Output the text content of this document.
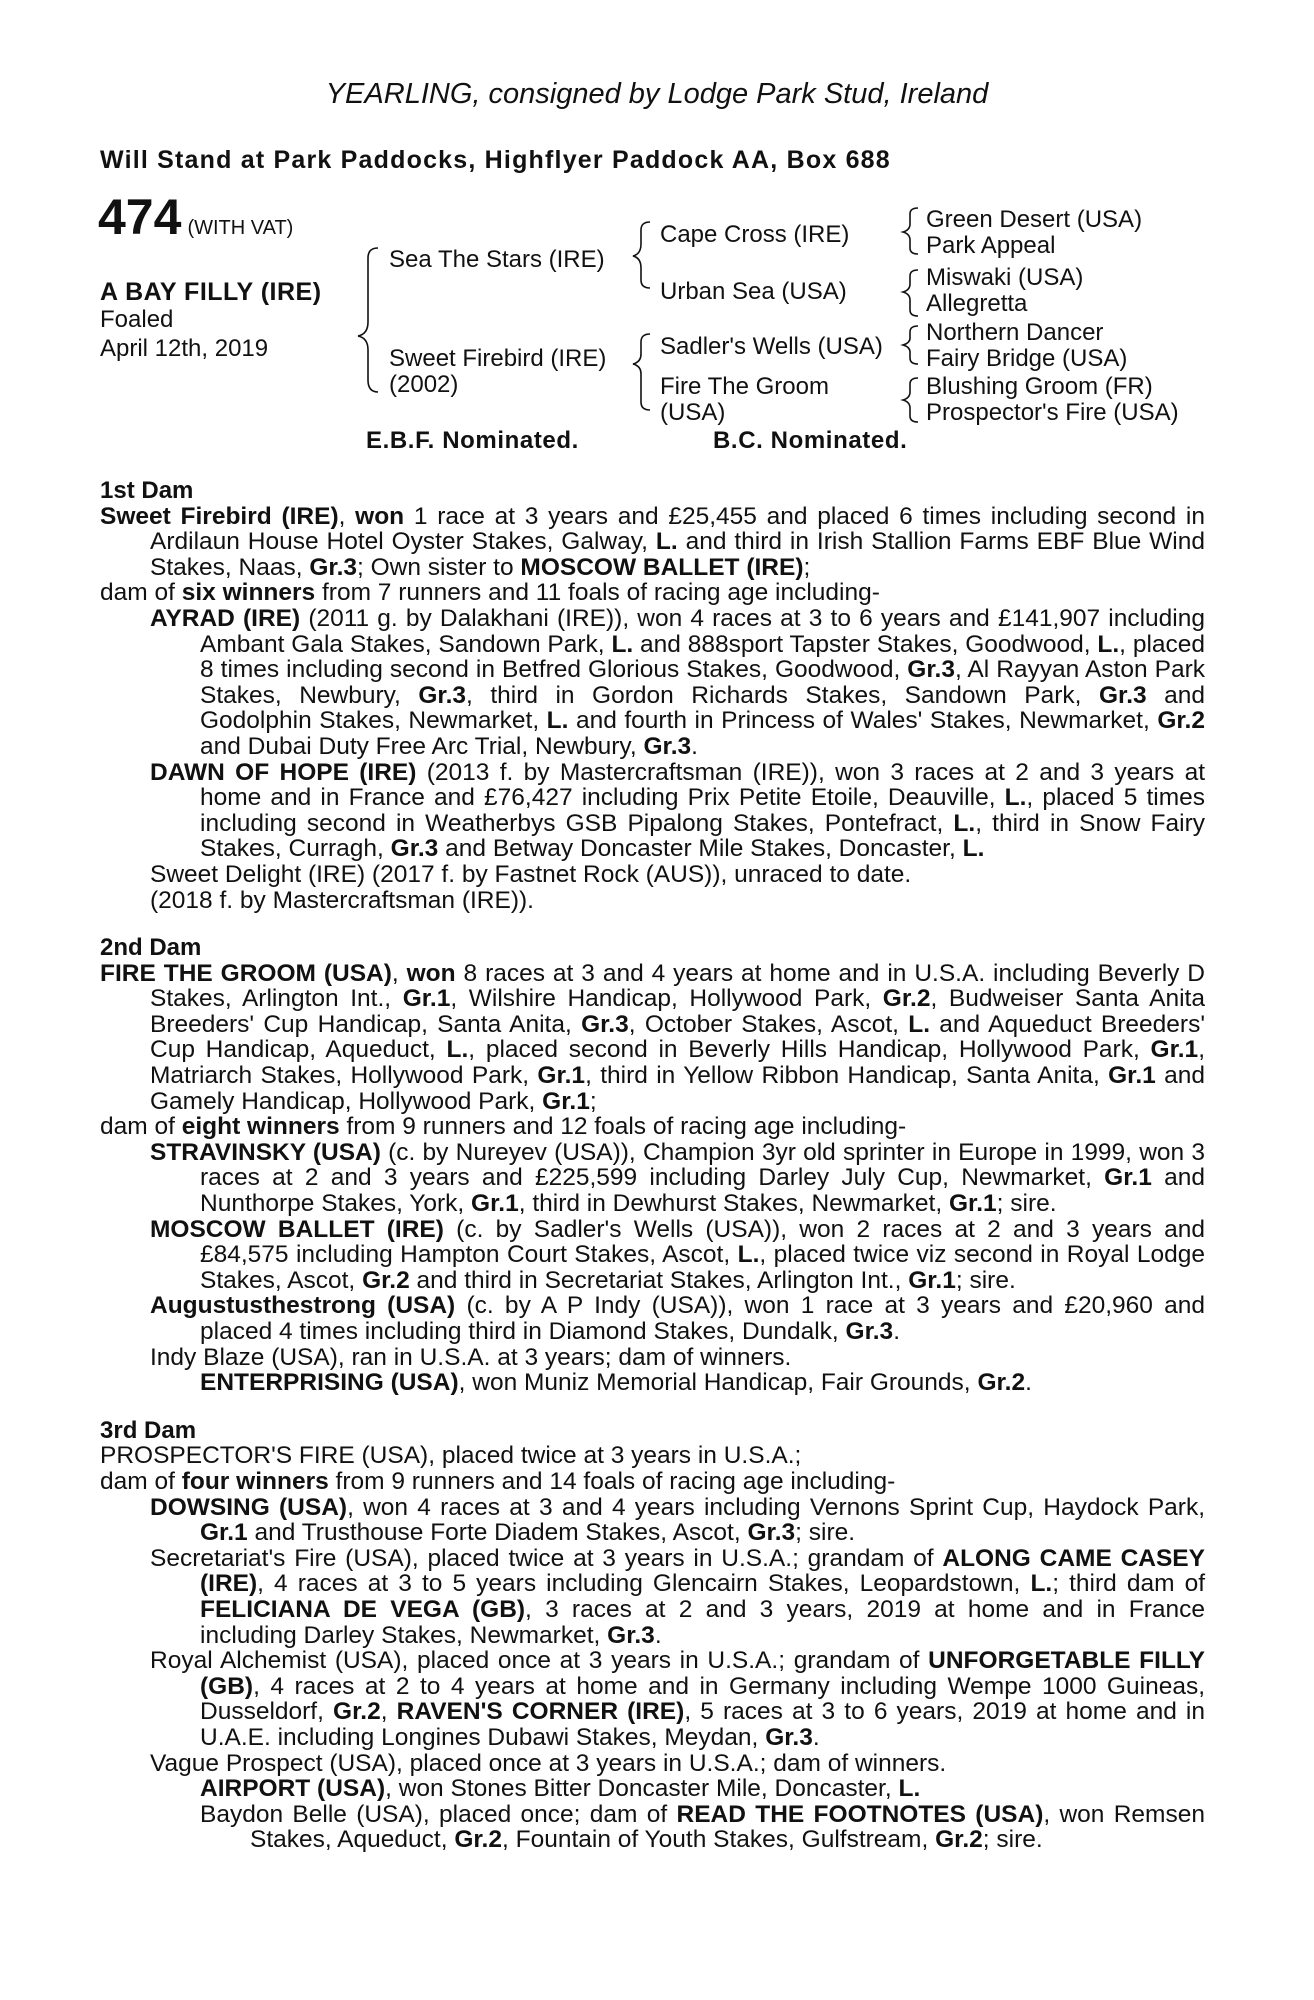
YEARLING, consigned by Lodge Park Stud, Ireland
Will Stand at Park Paddocks, Highflyer Paddock AA, Box 688
474 (WITH VAT)
A BAY FILLY (IRE)
Foaled
April 12th, 2019
Sea The Stars (IRE)
Sweet Firebird (IRE)
(2002)
Cape Cross (IRE)
Urban Sea (USA)
Sadler's Wells (USA)
Fire The Groom
(USA)
Green Desert (USA)
Park Appeal
Miswaki (USA)
Allegretta
Northern Dancer
Fairy Bridge (USA)
Blushing Groom (FR)
Prospector's Fire (USA)
E.B.F. Nominated.	B.C. Nominated.
1st Dam
Sweet Firebird (IRE), won 1 race at 3 years and £25,455 and placed 6 times including second in Ardilaun House Hotel Oyster Stakes, Galway, L. and third in Irish Stallion Farms EBF Blue Wind Stakes, Naas, Gr.3; Own sister to MOSCOW BALLET (IRE);
dam of six winners from 7 runners and 11 foals of racing age including-
AYRAD (IRE) (2011 g. by Dalakhani (IRE)), won 4 races at 3 to 6 years and £141,907 including Ambant Gala Stakes, Sandown Park, L. and 888sport Tapster Stakes, Goodwood, L., placed 8 times including second in Betfred Glorious Stakes, Goodwood, Gr.3, Al Rayyan Aston Park Stakes, Newbury, Gr.3, third in Gordon Richards Stakes, Sandown Park, Gr.3 and Godolphin Stakes, Newmarket, L. and fourth in Princess of Wales' Stakes, Newmarket, Gr.2 and Dubai Duty Free Arc Trial, Newbury, Gr.3.
DAWN OF HOPE (IRE) (2013 f. by Mastercraftsman (IRE)), won 3 races at 2 and 3 years at home and in France and £76,427 including Prix Petite Etoile, Deauville, L., placed 5 times including second in Weatherbys GSB Pipalong Stakes, Pontefract, L., third in Snow Fairy Stakes, Curragh, Gr.3 and Betway Doncaster Mile Stakes, Doncaster, L.
Sweet Delight (IRE) (2017 f. by Fastnet Rock (AUS)), unraced to date.
(2018 f. by Mastercraftsman (IRE)).
2nd Dam
FIRE THE GROOM (USA), won 8 races at 3 and 4 years at home and in U.S.A. including Beverly D Stakes, Arlington Int., Gr.1, Wilshire Handicap, Hollywood Park, Gr.2, Budweiser Santa Anita Breeders' Cup Handicap, Santa Anita, Gr.3, October Stakes, Ascot, L. and Aqueduct Breeders' Cup Handicap, Aqueduct, L., placed second in Beverly Hills Handicap, Hollywood Park, Gr.1, Matriarch Stakes, Hollywood Park, Gr.1, third in Yellow Ribbon Handicap, Santa Anita, Gr.1 and Gamely Handicap, Hollywood Park, Gr.1;
dam of eight winners from 9 runners and 12 foals of racing age including-
STRAVINSKY (USA) (c. by Nureyev (USA)), Champion 3yr old sprinter in Europe in 1999, won 3 races at 2 and 3 years and £225,599 including Darley July Cup, Newmarket, Gr.1 and Nunthorpe Stakes, York, Gr.1, third in Dewhurst Stakes, Newmarket, Gr.1; sire.
MOSCOW BALLET (IRE) (c. by Sadler's Wells (USA)), won 2 races at 2 and 3 years and £84,575 including Hampton Court Stakes, Ascot, L., placed twice viz second in Royal Lodge Stakes, Ascot, Gr.2 and third in Secretariat Stakes, Arlington Int., Gr.1; sire.
Augustusthestrong (USA) (c. by A P Indy (USA)), won 1 race at 3 years and £20,960 and placed 4 times including third in Diamond Stakes, Dundalk, Gr.3.
Indy Blaze (USA), ran in U.S.A. at 3 years; dam of winners.
ENTERPRISING (USA), won Muniz Memorial Handicap, Fair Grounds, Gr.2.
3rd Dam
PROSPECTOR'S FIRE (USA), placed twice at 3 years in U.S.A.;
dam of four winners from 9 runners and 14 foals of racing age including-
DOWSING (USA), won 4 races at 3 and 4 years including Vernons Sprint Cup, Haydock Park, Gr.1 and Trusthouse Forte Diadem Stakes, Ascot, Gr.3; sire.
Secretariat's Fire (USA), placed twice at 3 years in U.S.A.; grandam of ALONG CAME CASEY (IRE), 4 races at 3 to 5 years including Glencairn Stakes, Leopardstown, L.; third dam of FELICIANA DE VEGA (GB), 3 races at 2 and 3 years, 2019 at home and in France including Darley Stakes, Newmarket, Gr.3.
Royal Alchemist (USA), placed once at 3 years in U.S.A.; grandam of UNFORGETABLE FILLY (GB), 4 races at 2 to 4 years at home and in Germany including Wempe 1000 Guineas, Dusseldorf, Gr.2, RAVEN'S CORNER (IRE), 5 races at 3 to 6 years, 2019 at home and in U.A.E. including Longines Dubawi Stakes, Meydan, Gr.3.
Vague Prospect (USA), placed once at 3 years in U.S.A.; dam of winners.
AIRPORT (USA), won Stones Bitter Doncaster Mile, Doncaster, L.
Baydon Belle (USA), placed once; dam of READ THE FOOTNOTES (USA), won Remsen Stakes, Aqueduct, Gr.2, Fountain of Youth Stakes, Gulfstream, Gr.2; sire.
